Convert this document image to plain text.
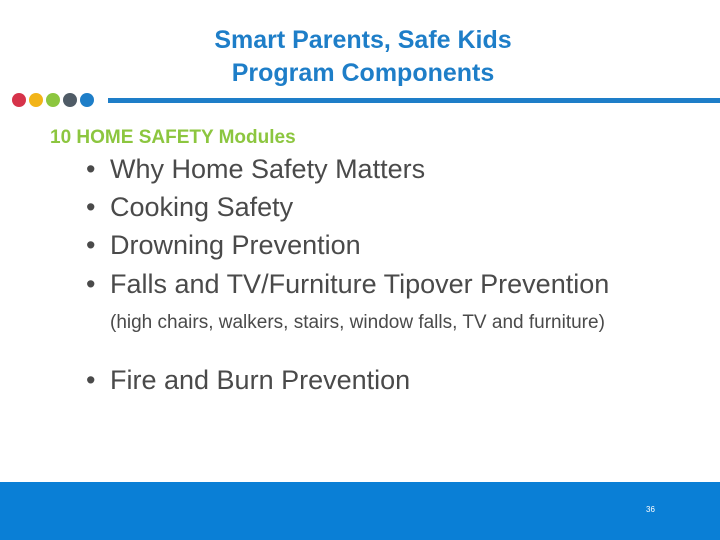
Smart Parents, Safe Kids
Program Components
10 HOME SAFETY Modules
• Why Home Safety Matters
• Cooking Safety
• Drowning Prevention
• Falls and TV/Furniture Tipover Prevention
(high chairs, walkers, stairs, window falls, TV and furniture)
• Fire and Burn Prevention
36
